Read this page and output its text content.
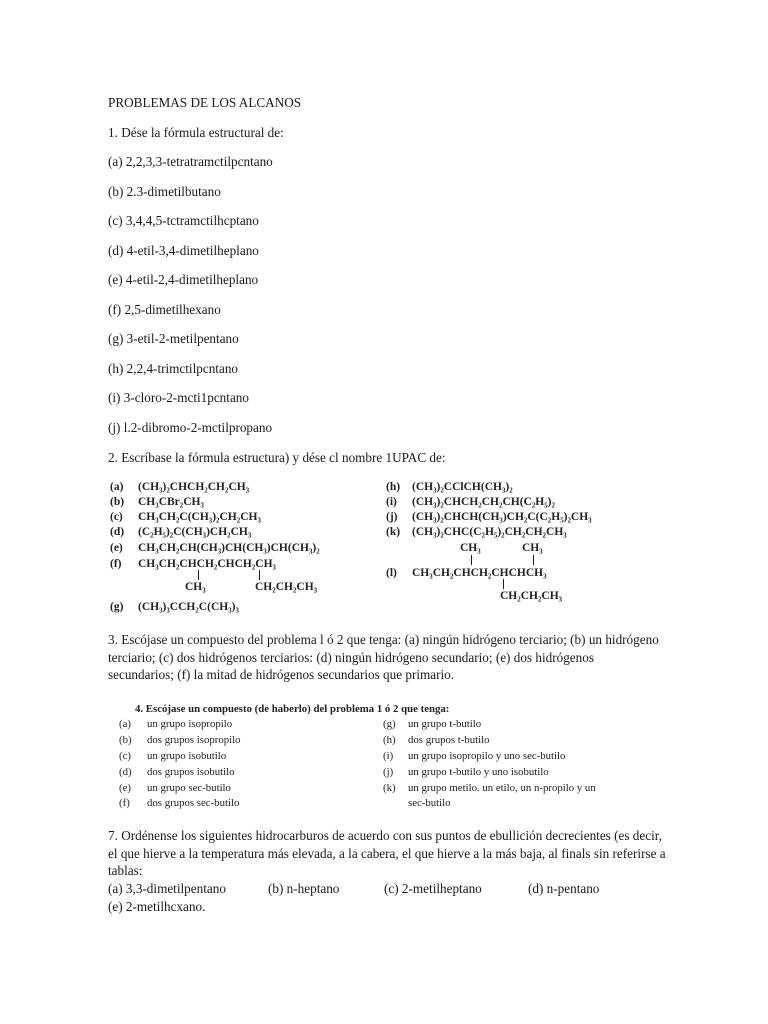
PROBLEMAS DE LOS ALCANOS
1. Dése la fórmula estructural de:
(a) 2,2,3,3-tetratramctilpcntano
(b) 2.3-dimetilbutano
(c) 3,4,4,5-tctramctilhcptano
(d) 4-etil-3,4-dimetilheplano
(e) 4-etil-2,4-dimetilheplano
(f) 2,5-dimetilhexano
(g) 3-etil-2-metilpentano
(h) 2,2,4-trimctilpcntano
(i) 3-cloro-2-mcti1pcntano
(j) l.2-dibromo-2-mctilpropano
2. Escríbase la fórmula estructura) y dése cl nombre 1UPAC de:
(a) (CH₃)₂CHCH₂CH₂CH₃
(b) CH₃CBr₂CH₃
(c) CH₃CH₂C(CH₃)₂CH₂CH₃
(d) (C₂H₅)₂C(CH₃)CH₂CH₃
(e) CH₃CH₂CH(CH₃)CH(CH₃)CH(CH₃)₂
(f) CH₃CH₂CHCH₂CHCH₂CH₃
CH₃	CH₂CH₂CH₃
(g) (CH₃)₃CCH₂C(CH₃)₃
(h) (CH₃)₂CClCH(CH₃)₂
(i) (CH₃)₂CHCH₂CH₂CH(C₂H₅)₂
(j) (CH₃)₂CHCH(CH₃)CH₂C(C₂H₅)₂CH₃
(k) (CH₃)₂CHC(C₂H₅)₂CH₂CH₂CH₃
CH₃	CH₃
(l) CH₃CH₂CHCH₂CHCHCH₃
CH₂CH₂CH₃
3. Escójase un compuesto del problema l ó 2 que tenga: (a) ningún hidrógeno terciario; (b) un hidrógeno terciario; (c) dos hidrógenos terciarios: (d) ningún hidrógeno secundario; (e) dos hidrógenos secundarios; (f) la mitad de hidrógenos secundarios que primario.
4. Escójase un compuesto (de haberlo) del problema 1 ó 2 que tenga:
(a) un grupo isopropilo
(b) dos grupos isopropilo
(c) un grupo isobutilo
(d) dos grupos isobutilo
(e) un grupo sec-butilo
(f) dos grupos sec-butilo
(g) un grupo t-butilo
(h) dos grupos t-butilo
(i) un grupo isopropilo y uno sec-butilo
(j) un grupo t-butilo y uno isobutilo
(k) un grupo metilo. un etilo, un n-propilo y un
sec-butilo
7. Ordénense los siguientes hidrocarburos de acuerdo con sus puntos de ebullición decrecientes (es decir, el que hierve a la temperatura más elevada, a la cabera, el que hierve a la más baja, al finals sin referirse a tablas:
(a) 3,3-dimetilpentano	(b) n-heptano	(c) 2-metilheptano	(d) n-pentano
(e) 2-metilhcxano.
